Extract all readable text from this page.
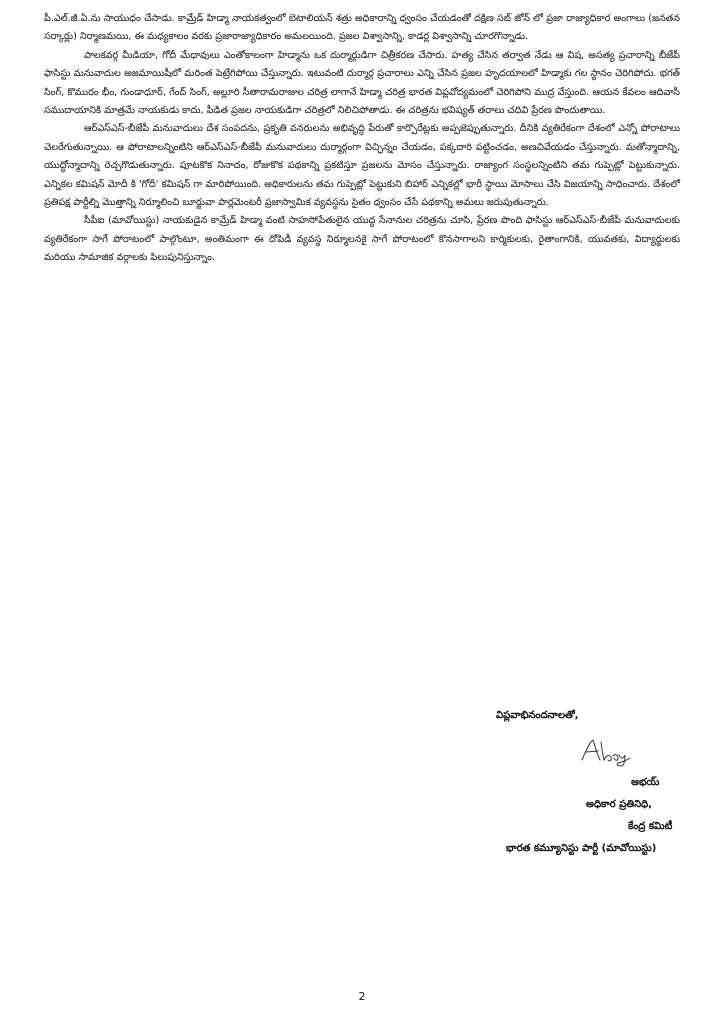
పీ.ఎల్.జీ.ఏ.ను సాయుధం చేసాడు. కామ్రేడ్ హిడ్మా నాయకత్వంలో బెటాలియన్ శత్రు అధికారాన్ని ధ్వంసం చేయడంతో దక్షిణ సబ్ జోన్ లో ప్రజా రాజ్యాధికార అంగాలు (జనతన సర్కార్లు) నిర్మాణమయి, ఈ మధ్యకాలం వరకు ప్రజారాజ్యాధికారం అమలయింది. ప్రజల విశ్వాసాన్ని, కాడర్ల విశ్వాసాన్ని చూరగొన్నాడు.

పాలకవర్గ మీడియా, గోదీ మేధావులు ఎంతోకాలంగా హిడ్మాను ఒక దుర్మార్గుడిగా చిత్రీకరణ చేసారు. హత్య చేసిన తర్వాత నేడు ఆ విష, అసత్య ప్రచారాన్ని బీజేపీ ఫాసిస్టు మనువాదుల అజమాయిషీలో మరింత పెట్రేగిపోయి చేస్తున్నారు. ఇటువంటి దుర్మార్గ ప్రచారాలు ఎన్ని చేసిన ప్రజల హృదయాలలో హిడ్మాకు గల స్థానం చెరిగిపోదు. భగత్ సింగ్, కొమురం భీం, గుండాధూర్, గేంద్ సింగ్, అల్లూరి సీతారామరాజుల చరిత్ర లాగానే హిడ్మా చరిత్ర భారత విప్లవోద్యమంలో చెరిగిపోని ముద్ర వేస్తుంది. ఆయన కేవలం ఆదివాసీ సముదాయానికి మాత్రమే నాయకుడు కాదు, పీడిత ప్రజల నాయకుడిగా చరిత్రలో నిలిచిపోతాడు. ఈ చరిత్రను భవిష్యత్ తరాలు చదివి ప్రేరణ పొందుతాయి.

ఆర్ఎస్ఎస్-బీజేపీ మనువాదులు దేశ సంపదను, ప్రకృతి వనరులను అభివృద్ధి పేరుతో కార్పొరేట్లకు అప్పజెప్పుతున్నారు. దీనికి వ్యతిరేకంగా దేశంలో ఎన్నో పోరాటాలు చెలరేగుతున్నాయి. ఆ పోరాటాలన్నింటిని ఆర్ఎస్ఎస్-బీజేపీ మనువాదులు దుర్మార్గంగా విచ్ఛిన్నం చేయడం, పక్కదారి పట్టించడం, అణచివేయడం చేస్తున్నారు. మతోన్మాదాన్ని, యుద్ధోన్మాదాన్ని రెచ్చగొడుతున్నారు. పూటకొక నినాదం, రోజుకొక పథకాన్ని ప్రకటిస్తూ ప్రజలను మోసం చేస్తున్నారు. రాజ్యాంగ సంస్థలన్నింటిని తమ గుప్పెట్లో పెట్టుకున్నారు. ఎన్నికల కమిషన్ మోదీ కి 'గోదీ' కమిషన్ గా మారిపోయింది. అధికారులను తమ గుప్పెట్లో పెట్టుకుని బిహార్ ఎన్నికల్లో భారీ స్థాయి మోసాలు చేసి విజయాన్ని సాధించారు. దేశంలో ప్రతిపక్ష పార్టీల్ని మొత్తాన్ని నిర్మూలించి బూర్జువా పార్లమెంటరీ ప్రజాస్వామిక వ్యవస్థను సైతం ధ్వంసం చేసే పథకాన్ని అమలు జరుపుతున్నారు.

సీపీఐ (మావోయిస్టు) నాయకుడైన కామ్రేడ్ హిడ్మా వంటి సాహసోపేతులైన యుద్ధ సేనానుల చరిత్రను చూసి, ప్రేరణ పొంది ఫాసిస్టు ఆర్ఎస్ఎస్-బీజేపీ మనువాదులకు వ్యతిరేకంగా సాగే పోరాటంలో పాల్గొంటూ, అంతిమంగా ఈ దోపిడీ వ్యవస్థ నిర్మూలనకై సాగే పోరాటంలో కొనసాగాలని కార్మికులకు, రైతాంగానికి, యువతకు, విద్యార్థులకు మరియు సామాజిక వర్గాలకు పిలుపునిస్తున్నాం.

విప్లవాభినందనాలతో,
అభయ్
అధికార ప్రతినిధి,
కేంద్ర కమిటీ
భారత కమ్యూనిస్టు పార్టీ (మావోయిస్టు)
2
